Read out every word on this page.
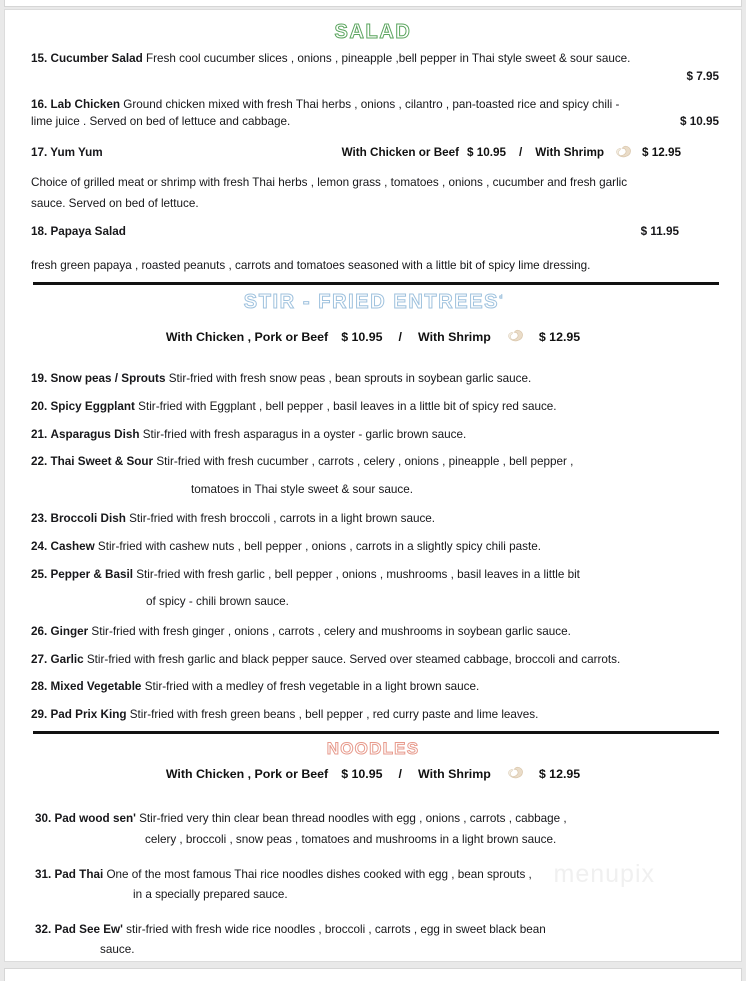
SALAD
15. Cucumber Salad Fresh cool cucumber slices , onions , pineapple ,bell pepper in Thai style sweet & sour sauce.
$ 7.95
16. Lab Chicken Ground chicken mixed with fresh Thai herbs , onions , cilantro , pan-toasted rice and spicy chili -
lime juice . Served on bed of lettuce and cabbage.	$ 10.95
17. Yum Yum	With Chicken or Beef $ 10.95 / With Shrimp	$ 12.95
Choice of grilled meat or shrimp with fresh Thai herbs , lemon grass , tomatoes , onions , cucumber and fresh garlic
sauce. Served on bed of lettuce.
18. Papaya Salad	$ 11.95
fresh green papaya , roasted peanuts , carrots and tomatoes seasoned with a little bit of spicy lime dressing.
STIR - FRIED $ENTREES^ᵈ$
With Chicken , Pork or Beef $ 10.95 / With Shrimp	$ 12.95
19. Snow peas / Sprouts Stir-fried with fresh snow peas , bean sprouts in soybean garlic sauce.
20. Spicy Eggplant Stir-fried with Eggplant , bell pepper , basil leaves in a little bit of spicy red sauce.
21. Asparagus Dish Stir-fried with fresh asparagus in a oyster - garlic brown sauce.
22. Thai Sweet & Sour Stir-fried with fresh cucumber , carrots , celery , onions , pineapple , bell pepper ,
tomatoes in Thai style sweet & sour sauce.
23. Broccoli Dish Stir-fried with fresh broccoli , carrots in a light brown sauce.
24. Cashew Stir-fried with cashew nuts , bell pepper , onions , carrots in a slightly spicy chili paste.
25. Pepper & Basil Stir-fried with fresh garlic , bell pepper , onions , mushrooms , basil leaves in a little bit
of spicy - chili brown sauce.
26. Ginger Stir-fried with fresh ginger , onions , carrots , celery and mushrooms in soybean garlic sauce.
27. Garlic Stir-fried with fresh garlic and black pepper sauce. Served over steamed cabbage, broccoli and carrots.
28. Mixed Vegetable Stir-fried with a medley of fresh vegetable in a light brown sauce.
29. Pad Prix King Stir-fried with fresh green beans , bell pepper , red curry paste and lime leaves.
NOODLES
With Chicken , Pork or Beef $ 10.95 / With Shrimp	$ 12.95
30. Pad wood sen' Stir-fried very thin clear bean thread noodles with egg , onions , carrots , cabbage ,
celery , broccoli , snow peas , tomatoes and mushrooms in a light brown sauce.
31. Pad Thai One of the most famous Thai rice noodles dishes cooked with egg , bean sprouts ,
in a specially prepared sauce.
32. Pad See Ew' stir-fried with fresh wide rice noodles , broccoli , carrots , egg in sweet black bean
sauce.
menupix
